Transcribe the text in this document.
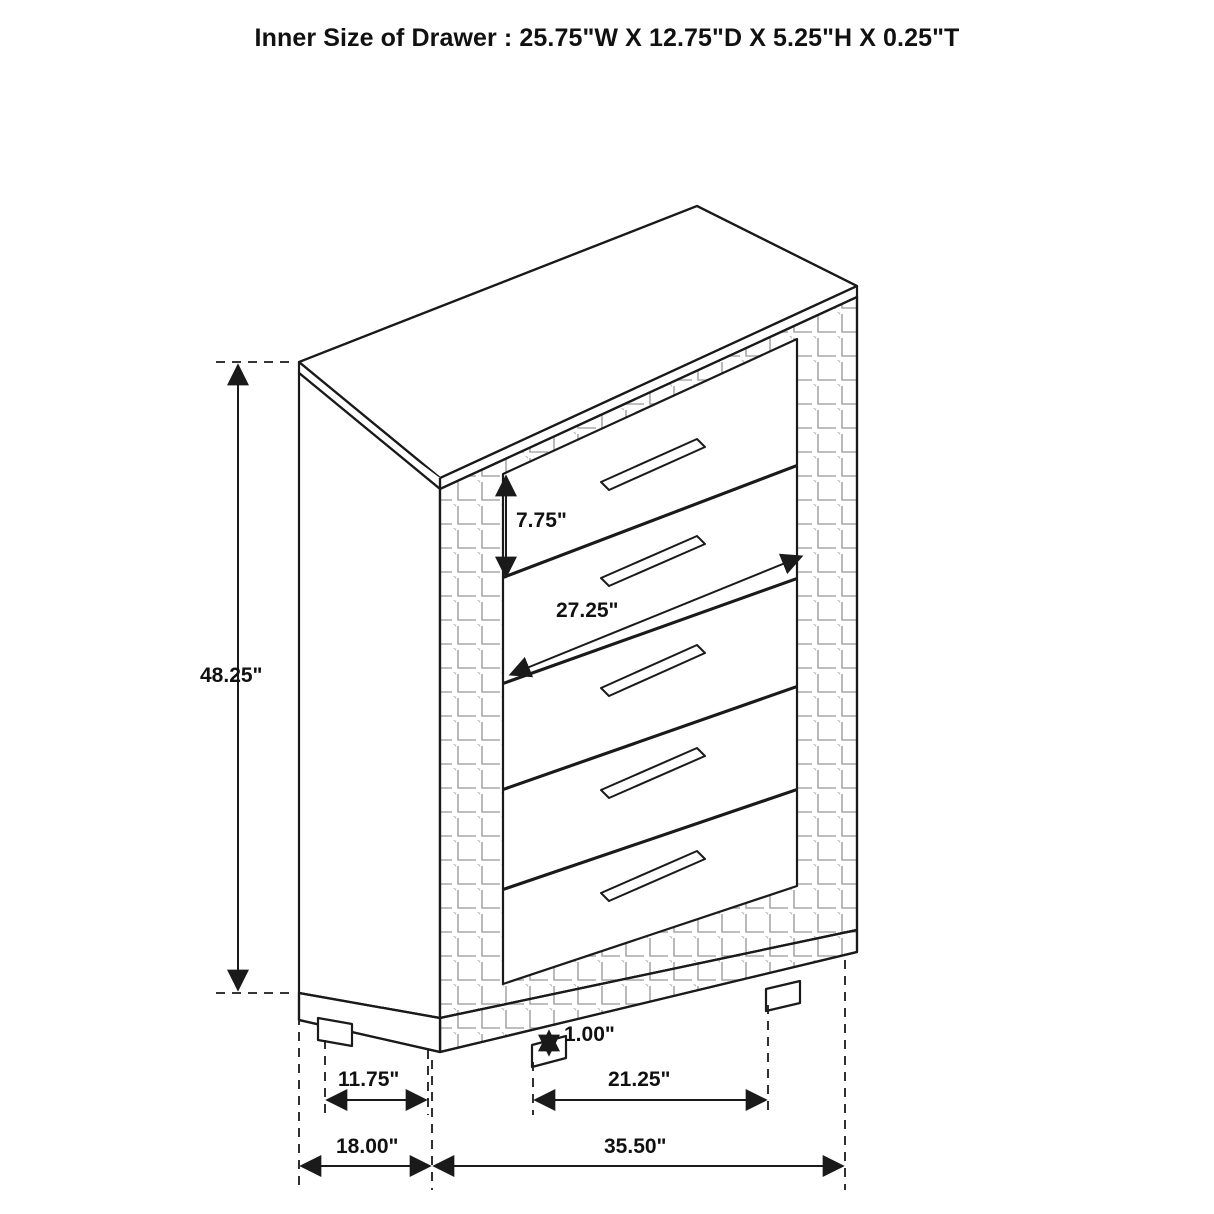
Inner Size of Drawer : 25.75"W X 12.75"D X 5.25"H X 0.25"T
7.75"
27.25"
48.25"
1.00"
11.75"	21.25"
18.00"	35.50"
